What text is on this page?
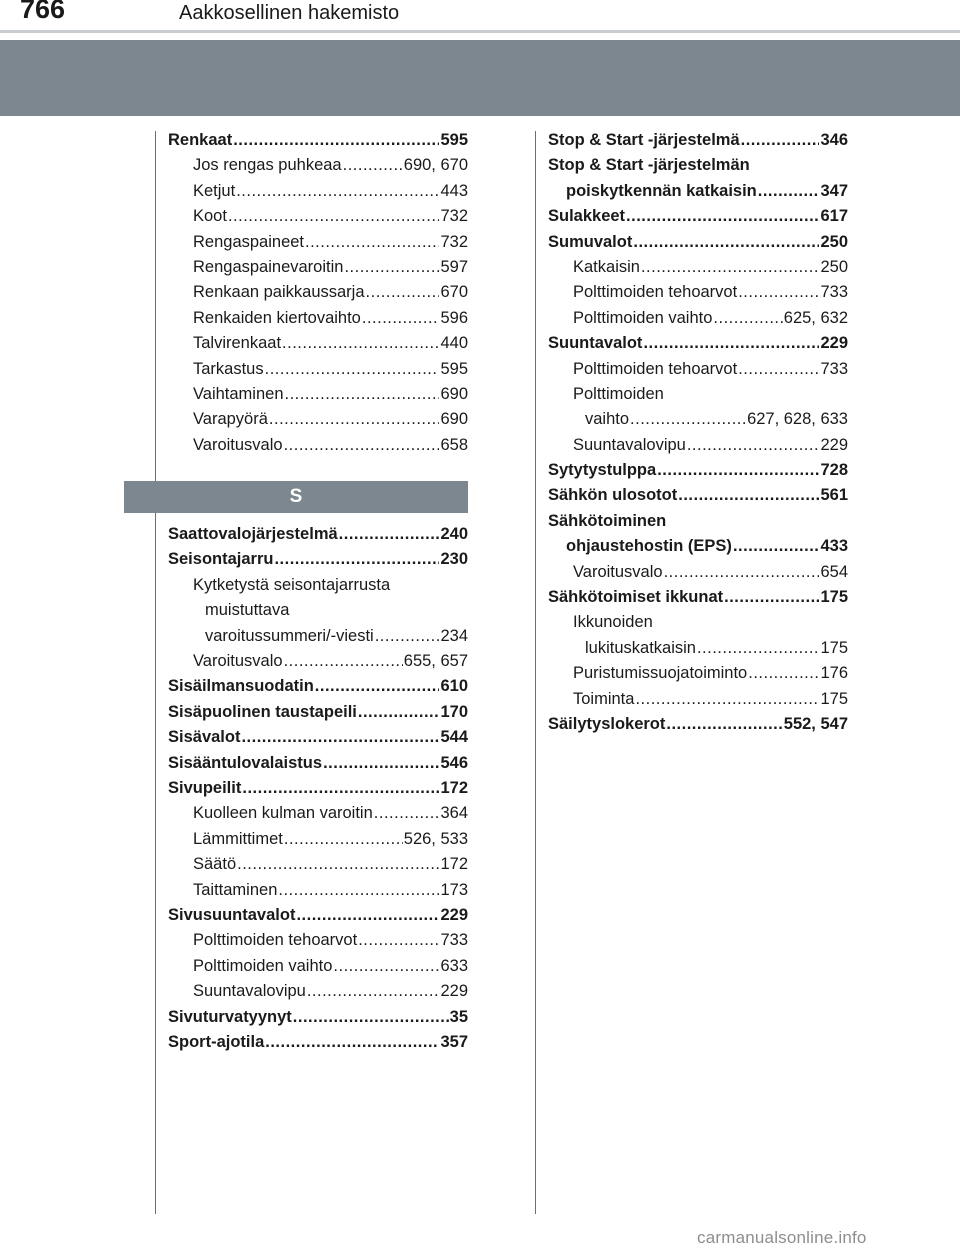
766	Aakkosellinen hakemisto
Renkaat .....	595
Jos rengas puhkeaa .....	690, 670
Ketjut .....	443
Koot .....	732
Rengaspaineet .....	732
Rengaspainevaroitin .....	597
Renkaan paikkaussarja .....	670
Renkaiden kiertovaihto .....	596
Talvirenkaat .....	440
Tarkastus .....	595
Vaihtaminen .....	690
Varapyörä .....	690
Varoitusvalo .....	658
S
Saattovalojärjestelmä .....	240
Seisontajarru .....	230
Kytketystä seisontajarrusta
muistuttava
varoitussummeri/-viesti .....	234
Varoitusvalo .....	655, 657
Sisäilmansuodatin .....	610
Sisäpuolinen taustapeili .....	170
Sisävalot .....	544
Sisääntulovalaistus .....	546
Sivupeilit .....	172
Kuolleen kulman varoitin .....	364
Lämmittimet .....	526, 533
Säätö .....	172
Taittaminen .....	173
Sivusuuntavalot .....	229
Polttimoiden tehoarvot .....	733
Polttimoiden vaihto .....	633
Suuntavalovipu .....	229
Sivuturvatyynyt .....	35
Sport-ajotila .....	357
Stop & Start -järjestelmä .....	346
Stop & Start -järjestelmän
poiskytkennän katkaisin .....	347
Sulakkeet .....	617
Sumuvalot .....	250
Katkaisin .....	250
Polttimoiden tehoarvot .....	733
Polttimoiden vaihto .....	625, 632
Suuntavalot .....	229
Polttimoiden tehoarvot .....	733
Polttimoiden
vaihto .....	627, 628, 633
Suuntavalovipu .....	229
Sytytystulppa .....	728
Sähkön ulosotot .....	561
Sähkötoiminen
ohjaustehostin (EPS) .....	433
Varoitusvalo .....	654
Sähkötoimiset ikkunat .....	175
Ikkunoiden
lukituskatkaisin .....	175
Puristumissuojatoiminto .....	176
Toiminta .....	175
Säilytyslokerot .....	552, 547
carmanualsonline.info
